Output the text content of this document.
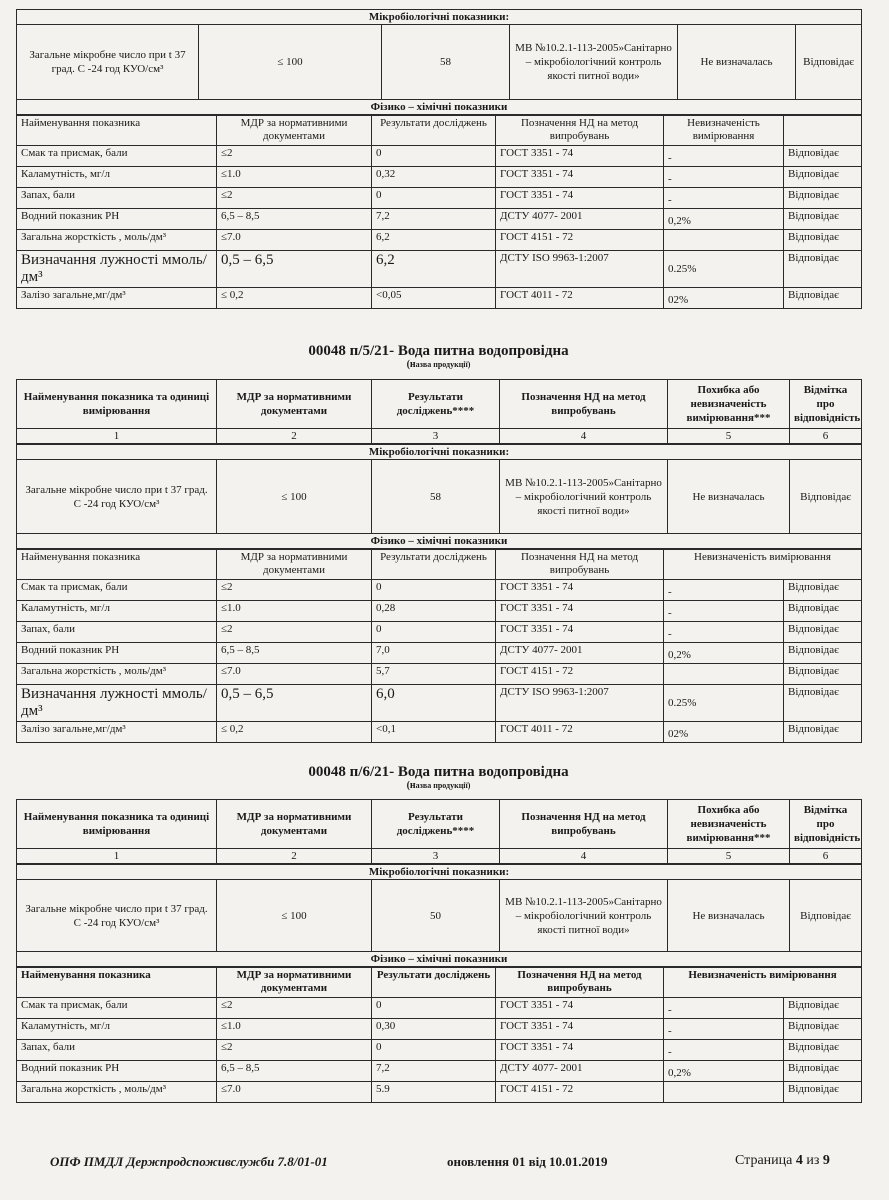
Мікробіологічні показники:
Загальне мікробне число при t 37 град. С -24 год КУО/см³	≤ 100	58	МВ №10.2.1-113-2005»Санітарно – мікробіологічний контроль якості питної води»	Не визначалась	Відповідає
Фізико – хімічні показники
Найменування показника	МДР за нормативними документами	Результати досліджень	Позначення НД на метод випробувань	Невизначеність вимірювання	
Смак та присмак, бали	≤2	0	ГОСТ 3351 - 74	-	Відповідає
Каламутність, мг/л	≤1.0	0,32	ГОСТ 3351 - 74	-	Відповідає
Запах, бали	≤2	0	ГОСТ 3351 - 74	-	Відповідає
Водний показник PH	6,5 – 8,5	7,2	ДСТУ 4077- 2001	0,2%	Відповідає
Загальна жорсткість , моль/дм³	≤7.0	6,2	ГОСТ 4151 - 72		Відповідає
Визначання лужності ммоль/дм³	0,5 – 6,5	6,2	ДСТУ ISO 9963-1:2007	0.25%	Відповідає
Залізо загальне,мг/дм³	≤ 0,2	<0,05	ГОСТ 4011 - 72	02%	Відповідає
00048 п/5/21- Вода питна водопровідна
(назва продукції)
Найменування показника та одиниці вимірювання	МДР за нормативними документами	Результати досліджень****	Позначення НД на метод випробувань	Похибка або невизначеність вимірювання***	Відмітка про відповідність
1	2	3	4	5	6
Мікробіологічні показники:
Загальне мікробне число при t 37 град. С -24 год КУО/см³	≤ 100	58	МВ №10.2.1-113-2005»Санітарно – мікробіологічний контроль якості питної води»	Не визначалась	Відповідає
Фізико – хімічні показники
Найменування показника	МДР за нормативними документами	Результати досліджень	Позначення НД на метод випробувань	Невизначеність вимірювання	
Смак та присмак, бали	≤2	0	ГОСТ 3351 - 74	-	Відповідає
Каламутність, мг/л	≤1.0	0,28	ГОСТ 3351 - 74	-	Відповідає
Запах, бали	≤2	0	ГОСТ 3351 - 74	-	Відповідає
Водний показник PH	6,5 – 8,5	7,0	ДСТУ 4077- 2001	0,2%	Відповідає
Загальна жорсткість , моль/дм³	≤7.0	5,7	ГОСТ 4151 - 72		Відповідає
Визначання лужності ммоль/дм³	0,5 – 6,5	6,0	ДСТУ ISO 9963-1:2007	0.25%	Відповідає
Залізо загальне,мг/дм³	≤ 0,2	<0,1	ГОСТ 4011 - 72	02%	Відповідає
00048 п/6/21- Вода питна водопровідна
(назва продукції)
Найменування показника та одиниці вимірювання	МДР за нормативними документами	Результати досліджень****	Позначення НД на метод випробувань	Похибка або невизначеність вимірювання***	Відмітка про відповідність
1	2	3	4	5	6
Мікробіологічні показники:
Загальне мікробне число при t 37 град. С -24 год КУО/см³	≤ 100	50	МВ №10.2.1-113-2005»Санітарно – мікробіологічний контроль якості питної води»	Не визначалась	Відповідає
Фізико – хімічні показники
Найменування показника	МДР за нормативними документами	Результати досліджень	Позначення НД на метод випробувань	Невизначеність вимірювання	
Смак та присмак, бали	≤2	0	ГОСТ 3351 - 74	-	Відповідає
Каламутність, мг/л	≤1.0	0,30	ГОСТ 3351 - 74	-	Відповідає
Запах, бали	≤2	0	ГОСТ 3351 - 74	-	Відповідає
Водний показник PH	6,5 – 8,5	7,2	ДСТУ 4077- 2001	0,2%	Відповідає
Загальна жорсткість , моль/дм³	≤7.0	5.9	ГОСТ 4151 - 72		Відповідає
Страница 4 из 9
ОПФ ПМДЛ Держпродспоживслужби 7.8/01-01	оновлення 01 від 10.01.2019
